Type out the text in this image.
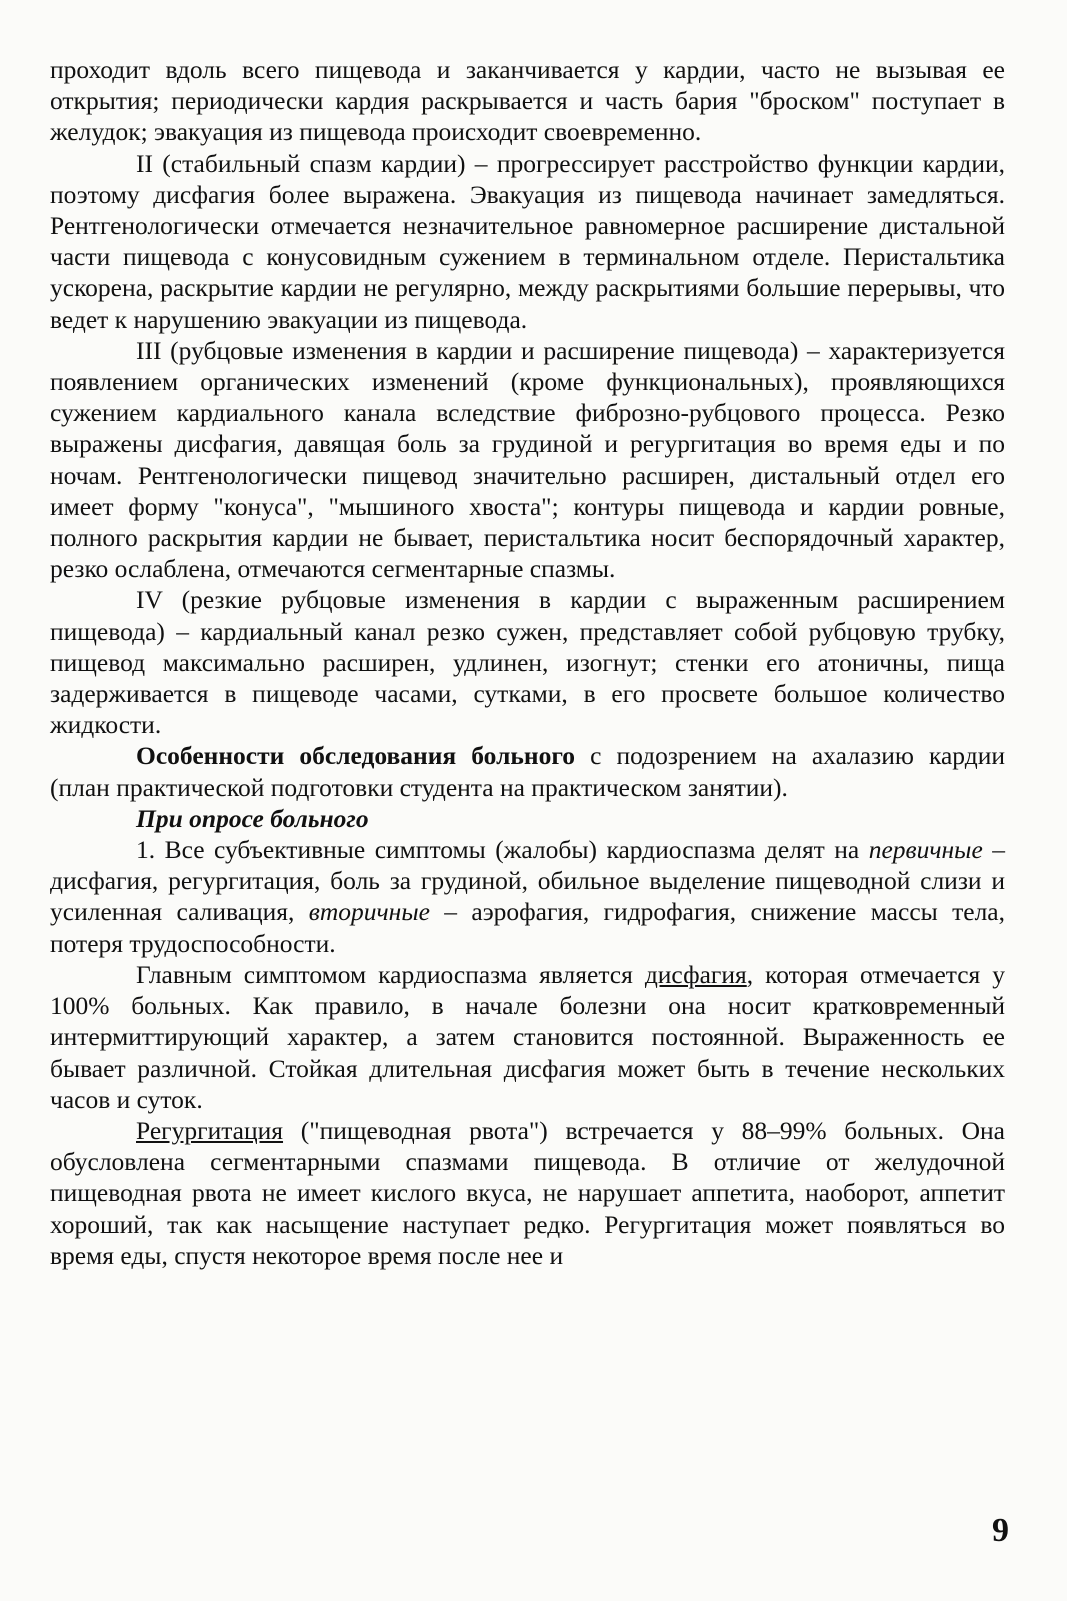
проходит вдоль всего пищевода и заканчивается у кардии, часто не вызывая ее открытия; периодически кардия раскрывается и часть бария "броском" поступает в желудок; эвакуация из пищевода происходит своевременно.

II (стабильный спазм кардии) – прогрессирует расстройство функции кардии, поэтому дисфагия более выражена. Эвакуация из пищевода начинает замедляться. Рентгенологически отмечается незначительное равномерное расширение дистальной части пищевода с конусовидным сужением в терминальном отделе. Перистальтика ускорена, раскрытие кардии не регулярно, между раскрытиями большие перерывы, что ведет к нарушению эвакуации из пищевода.

III (рубцовые изменения в кардии и расширение пищевода) – характеризуется появлением органических изменений (кроме функциональных), проявляющихся сужением кардиального канала вследствие фиброзно-рубцового процесса. Резко выражены дисфагия, давящая боль за грудиной и регургитация во время еды и по ночам. Рентгенологически пищевод значительно расширен, дистальный отдел его имеет форму "конуса", "мышиного хвоста"; контуры пищевода и кардии ровные, полного раскрытия кардии не бывает, перистальтика носит беспорядочный характер, резко ослаблена, отмечаются сегментарные спазмы.

IV (резкие рубцовые изменения в кардии с выраженным расширением пищевода) – кардиальный канал резко сужен, представляет собой рубцовую трубку, пищевод максимально расширен, удлинен, изогнут; стенки его атоничны, пища задерживается в пищеводе часами, сутками, в его просвете большое количество жидкости.

Особенности обследования больного с подозрением на ахалазию кардии (план практической подготовки студента на практическом занятии).

При опросе больного

1. Все субъективные симптомы (жалобы) кардиоспазма делят на первичные – дисфагия, регургитация, боль за грудиной, обильное выделение пищеводной слизи и усиленная саливация, вторичные – аэрофагия, гидрофагия, снижение массы тела, потеря трудоспособности.

Главным симптомом кардиоспазма является дисфагия, которая отмечается у 100% больных. Как правило, в начале болезни она носит кратковременный интермиттирующий характер, а затем становится постоянной. Выраженность ее бывает различной. Стойкая длительная дисфагия может быть в течение нескольких часов и суток.

Регургитация ("пищеводная рвота") встречается у 88–99% больных. Она обусловлена сегментарными спазмами пищевода. В отличие от желудочной пищеводная рвота не имеет кислого вкуса, не нарушает аппетита, наоборот, аппетит хороший, так как насыщение наступает редко. Регургитация может появляться во время еды, спустя некоторое время после нее и

9
